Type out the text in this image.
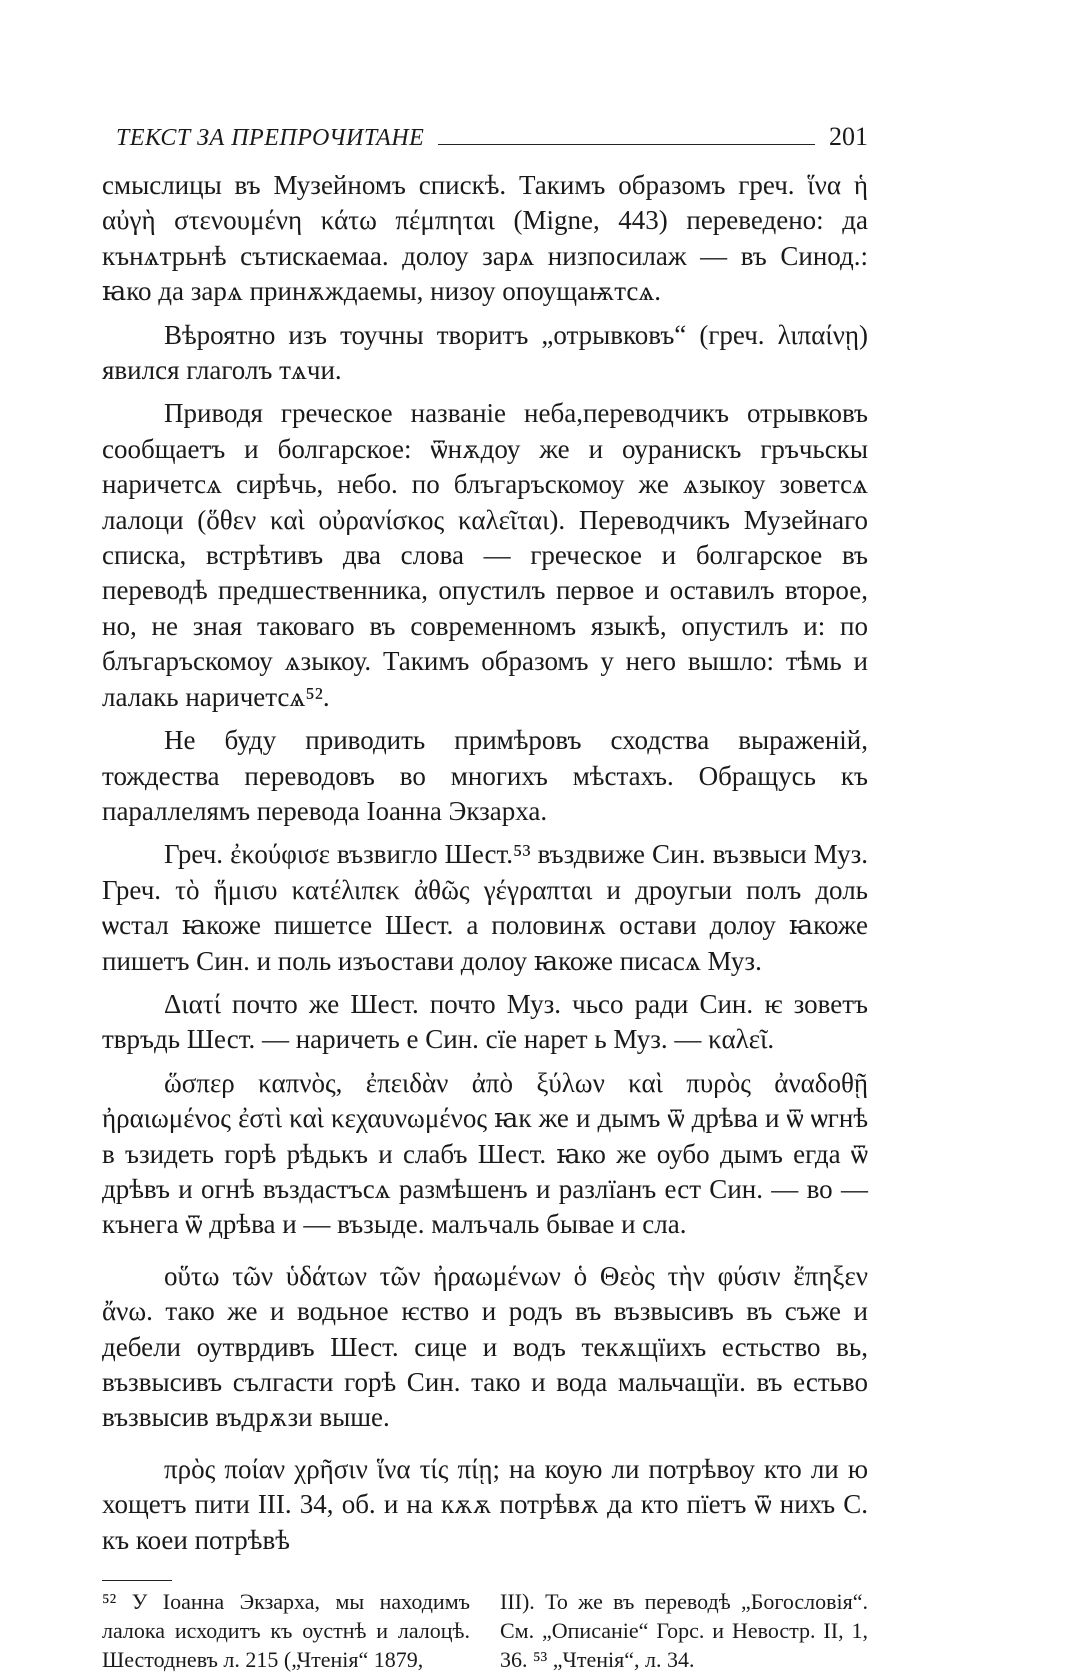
ТЕКСТ ЗА ПРЕПРОЧИТАНЕ	201

смыслицы въ Музейномъ спискѣ. Такимъ образомъ греч. ἵνα ἡ αὐγὴ στενουμένη κάτω πέμπηται (Migne, 443) переведено: да кънѧтрьнѣ сътискаемаа. долоу зарѧ низпосилаж — въ Синод.: ꙗко да зарѧ принѫждаемы, низоу опоущаѭтсѧ.

Вѣроятно изъ тоучны творитъ „отрывковъ“ (греч. λιπαίνῃ) явился глаголъ тѧчи.

Приводя греческое названіе неба,переводчикъ отрывковъ сообщаетъ и болгарское: ѿнѫдоу же и оуранискъ гръчьскы наричетсѧ сирѣчь, небо. по блъгаръскомоу же ѧзыкоу зоветсѧ лалоци (ὅθεν καὶ οὐρανίσκος καλεῖται). Переводчикъ Музейнаго списка, встрѣтивъ два слова — греческое и болгарское въ переводѣ предшественника, опустилъ первое и оставилъ второе, но, не зная таковаго въ современномъ языкѣ, опустилъ и: по блъгаръскомоу ѧзыкоу. Такимъ образомъ у него вышло: тѣмь и лалакь наричетсѧ⁵².

Не буду приводить примѣровъ сходства выраженій, тождества переводовъ во многихъ мѣстахъ. Обращусь къ параллелямъ перевода Іоанна Экзарха.

Греч. ἐκούφισε възвигло Шест.⁵³ въздвиже Син. възвыси Муз. Греч. τὸ ἥμισυ κατέλιπεκ ἀθῶς γέγραπται и дроугыи полъ доль ѡстал ꙗкоже пишетсе Шест. а половинѫ остави долоу ꙗкоже пишетъ Син. и поль изъостави долоу ꙗкоже писасѧ Муз.

Διατί почто же Шест. почто Муз. чьсо ради Син. ѥ зоветъ твръдь Шест. — наричеть е Син. сїе нарет ь Муз. — καλεῖ.

ὥσπερ καπνὸς, ἐπειδὰν ἀπὸ ξύλων καὶ πυρὸς ἀναδοθῇ ἠραιωμένος ἐστὶ καὶ κεχαυνωμένος ꙗк же и дымъ ѿ дрѣва и ѿ ѡгнѣ в ъзидеть горѣ рѣдькъ и слабъ Шест. ꙗко же оубо дымъ егда ѿ дрѣвъ и огнѣ въздастъсѧ размѣшенъ и разлїанъ ест Син. — во — кънега ѿ дрѣва и — възыде. малъчаль бывае и сла.

οὕτω τῶν ὑδάτων τῶν ἠραωμένων ὁ Θεὸς τὴν φύσιν ἔπηξεν ἄνω. тако же и водьное ѥство и родъ въ възвысивъ въ съже и дебели оутврдивъ Шест. сице и водъ текѫщїихъ естьство вь, възвысивъ сългасти горѣ Син. тако и вода мальчащїи. въ естьво възвысив въдрѫзи выше.

πρὸς ποίαν χρῆσιν ἵνα τίς πίῃ; на коую ли потрѣвоу кто ли ю хощетъ пити III. 34, об. и на кѫѫ потрѣвѫ да кто пїетъ ѿ нихъ С. къ коеи потрѣвѣ

⁵² У Іоанна Экзарха, мы находимъ лалока исходитъ къ оустнѣ и лалоцѣ. Шестодневъ л. 215 („Чтенія“ 1879,

III). То же въ переводѣ „Богословія“. См. „Описаніе“ Горс. и Невостр. II, 1, 36. ⁵³ „Чтенія“, л. 34.
